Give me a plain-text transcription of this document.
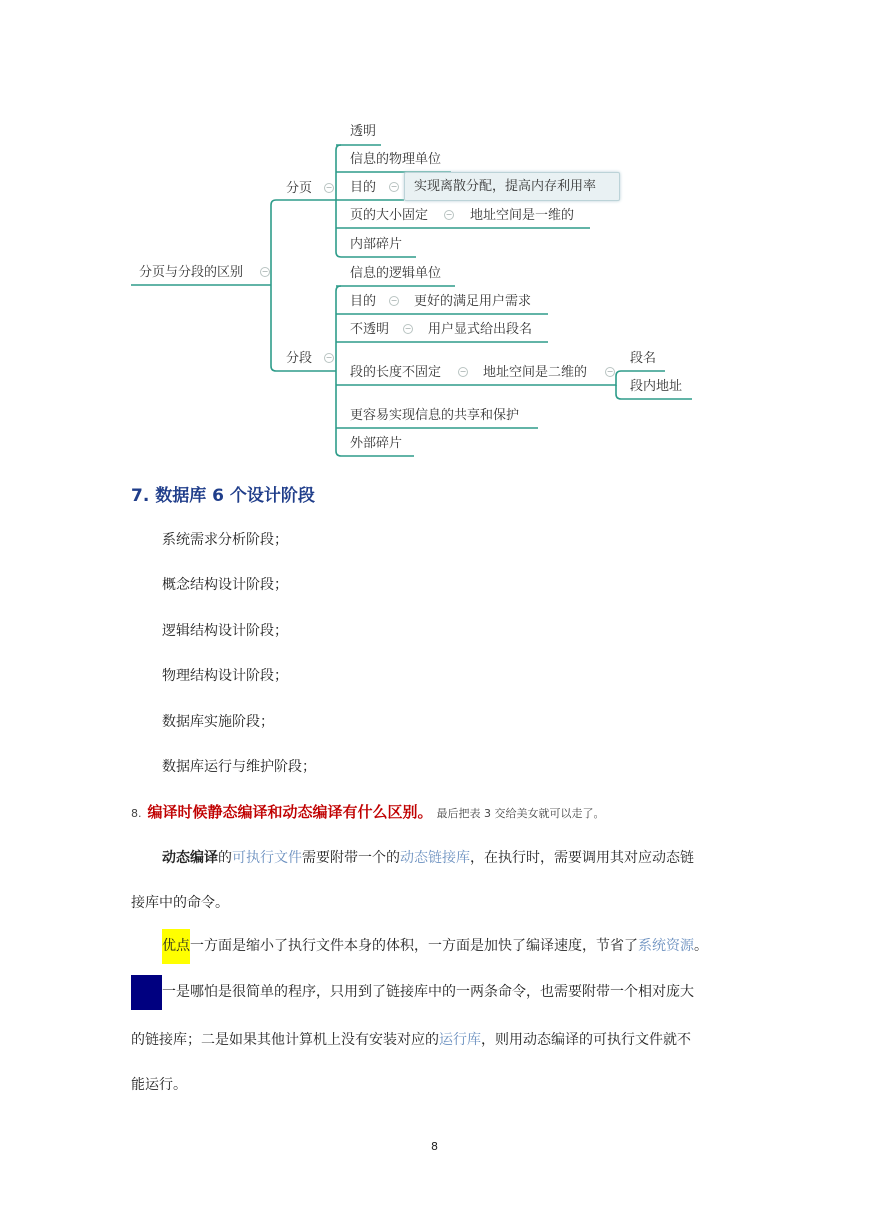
分页与分段的区别 −
分页 −
透明
信息的物理单位
目的 − 实现离散分配，提高内存利用率
页的大小固定 − 地址空间是一维的
内部碎片
分段 −
信息的逻辑单位
目的 − 更好的满足用户需求
不透明 − 用户显式给出段名
段的长度不固定 − 地址空间是二维的 −
段名
段内地址
更容易实现信息的共享和保护
外部碎片
7. 数据库 6 个设计阶段
系统需求分析阶段；
概念结构设计阶段；
逻辑结构设计阶段；
物理结构设计阶段；
数据库实施阶段；
数据库运行与维护阶段；
8. 编译时候静态编译和动态编译有什么区别。 最后把表 3 交给美女就可以走了。
动态编译的可执行文件需要附带一个的动态链接库，在执行时，需要调用其对应动态链
接库中的命令。
优点一方面是缩小了执行文件本身的体积，一方面是加快了编译速度，节省了系统资源。
缺点 一是哪怕是很简单的程序，只用到了链接库中的一两条命令，也需要附带一个相对庞大
的链接库；二是如果其他计算机上没有安装对应的运行库，则用动态编译的可执行文件就不
能运行。
8
